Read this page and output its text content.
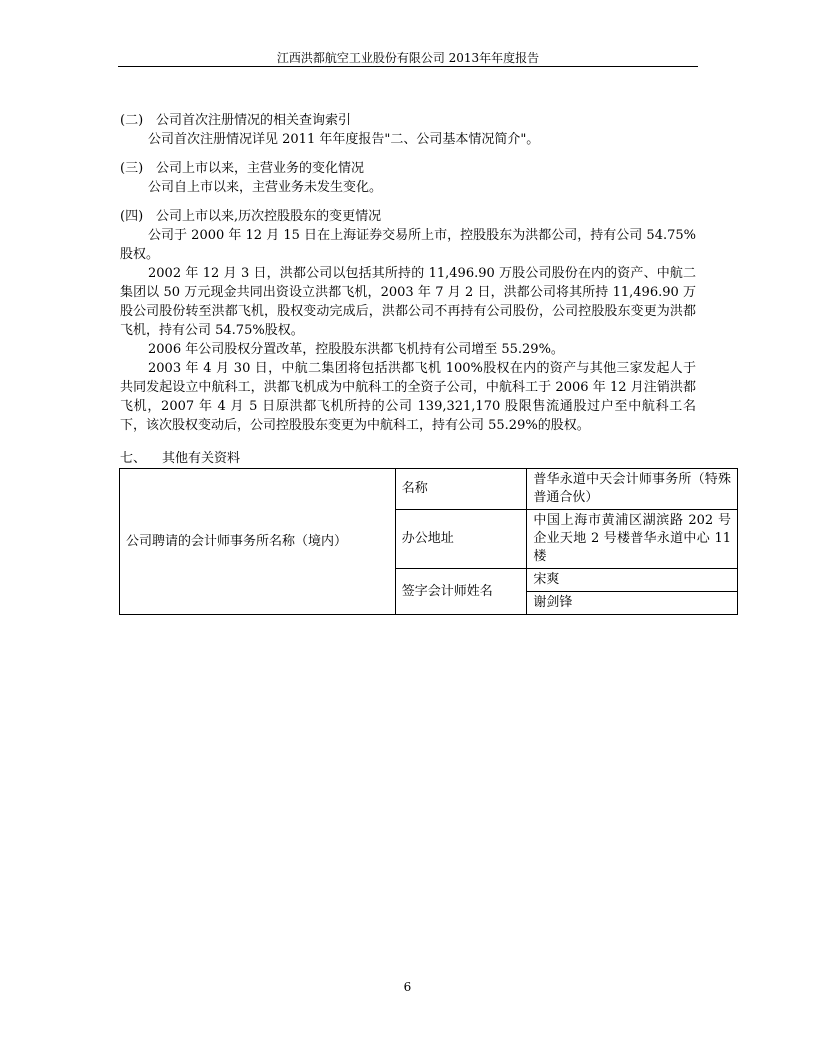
江西洪都航空工业股份有限公司 2013年年度报告
(二) 公司首次注册情况的相关查询索引

公司首次注册情况详见 2011 年年度报告"二、公司基本情况简介"。

(三) 公司上市以来，主营业务的变化情况

公司自上市以来，主营业务未发生变化。

(四) 公司上市以来,历次控股股东的变更情况

公司于 2000 年 12 月 15 日在上海证券交易所上市，控股股东为洪都公司，持有公司 54.75%股权。

2002 年 12 月 3 日，洪都公司以包括其所持的 11,496.90 万股公司股份在内的资产、中航二集团以 50 万元现金共同出资设立洪都飞机，2003 年 7 月 2 日，洪都公司将其所持 11,496.90 万股公司股份转至洪都飞机，股权变动完成后，洪都公司不再持有公司股份，公司控股股东变更为洪都飞机，持有公司 54.75%股权。

2006 年公司股权分置改革，控股股东洪都飞机持有公司增至 55.29%。

2003 年 4 月 30 日，中航二集团将包括洪都飞机 100%股权在内的资产与其他三家发起人于共同发起设立中航科工，洪都飞机成为中航科工的全资子公司，中航科工于 2006 年 12 月注销洪都飞机，2007 年 4 月 5 日原洪都飞机所持的公司 139,321,170 股限售流通股过户至中航科工名下，该次股权变动后，公司控股股东变更为中航科工，持有公司 55.29%的股权。

七、 其他有关资料
公司聘请的会计师事务所名称（境内）	名称	普华永道中天会计师事务所（特殊普通合伙）
	办公地址	中国上海市黄浦区湖滨路 202 号企业天地 2 号楼普华永道中心 11 楼
	签字会计师姓名	宋爽
		谢剑锋
6
